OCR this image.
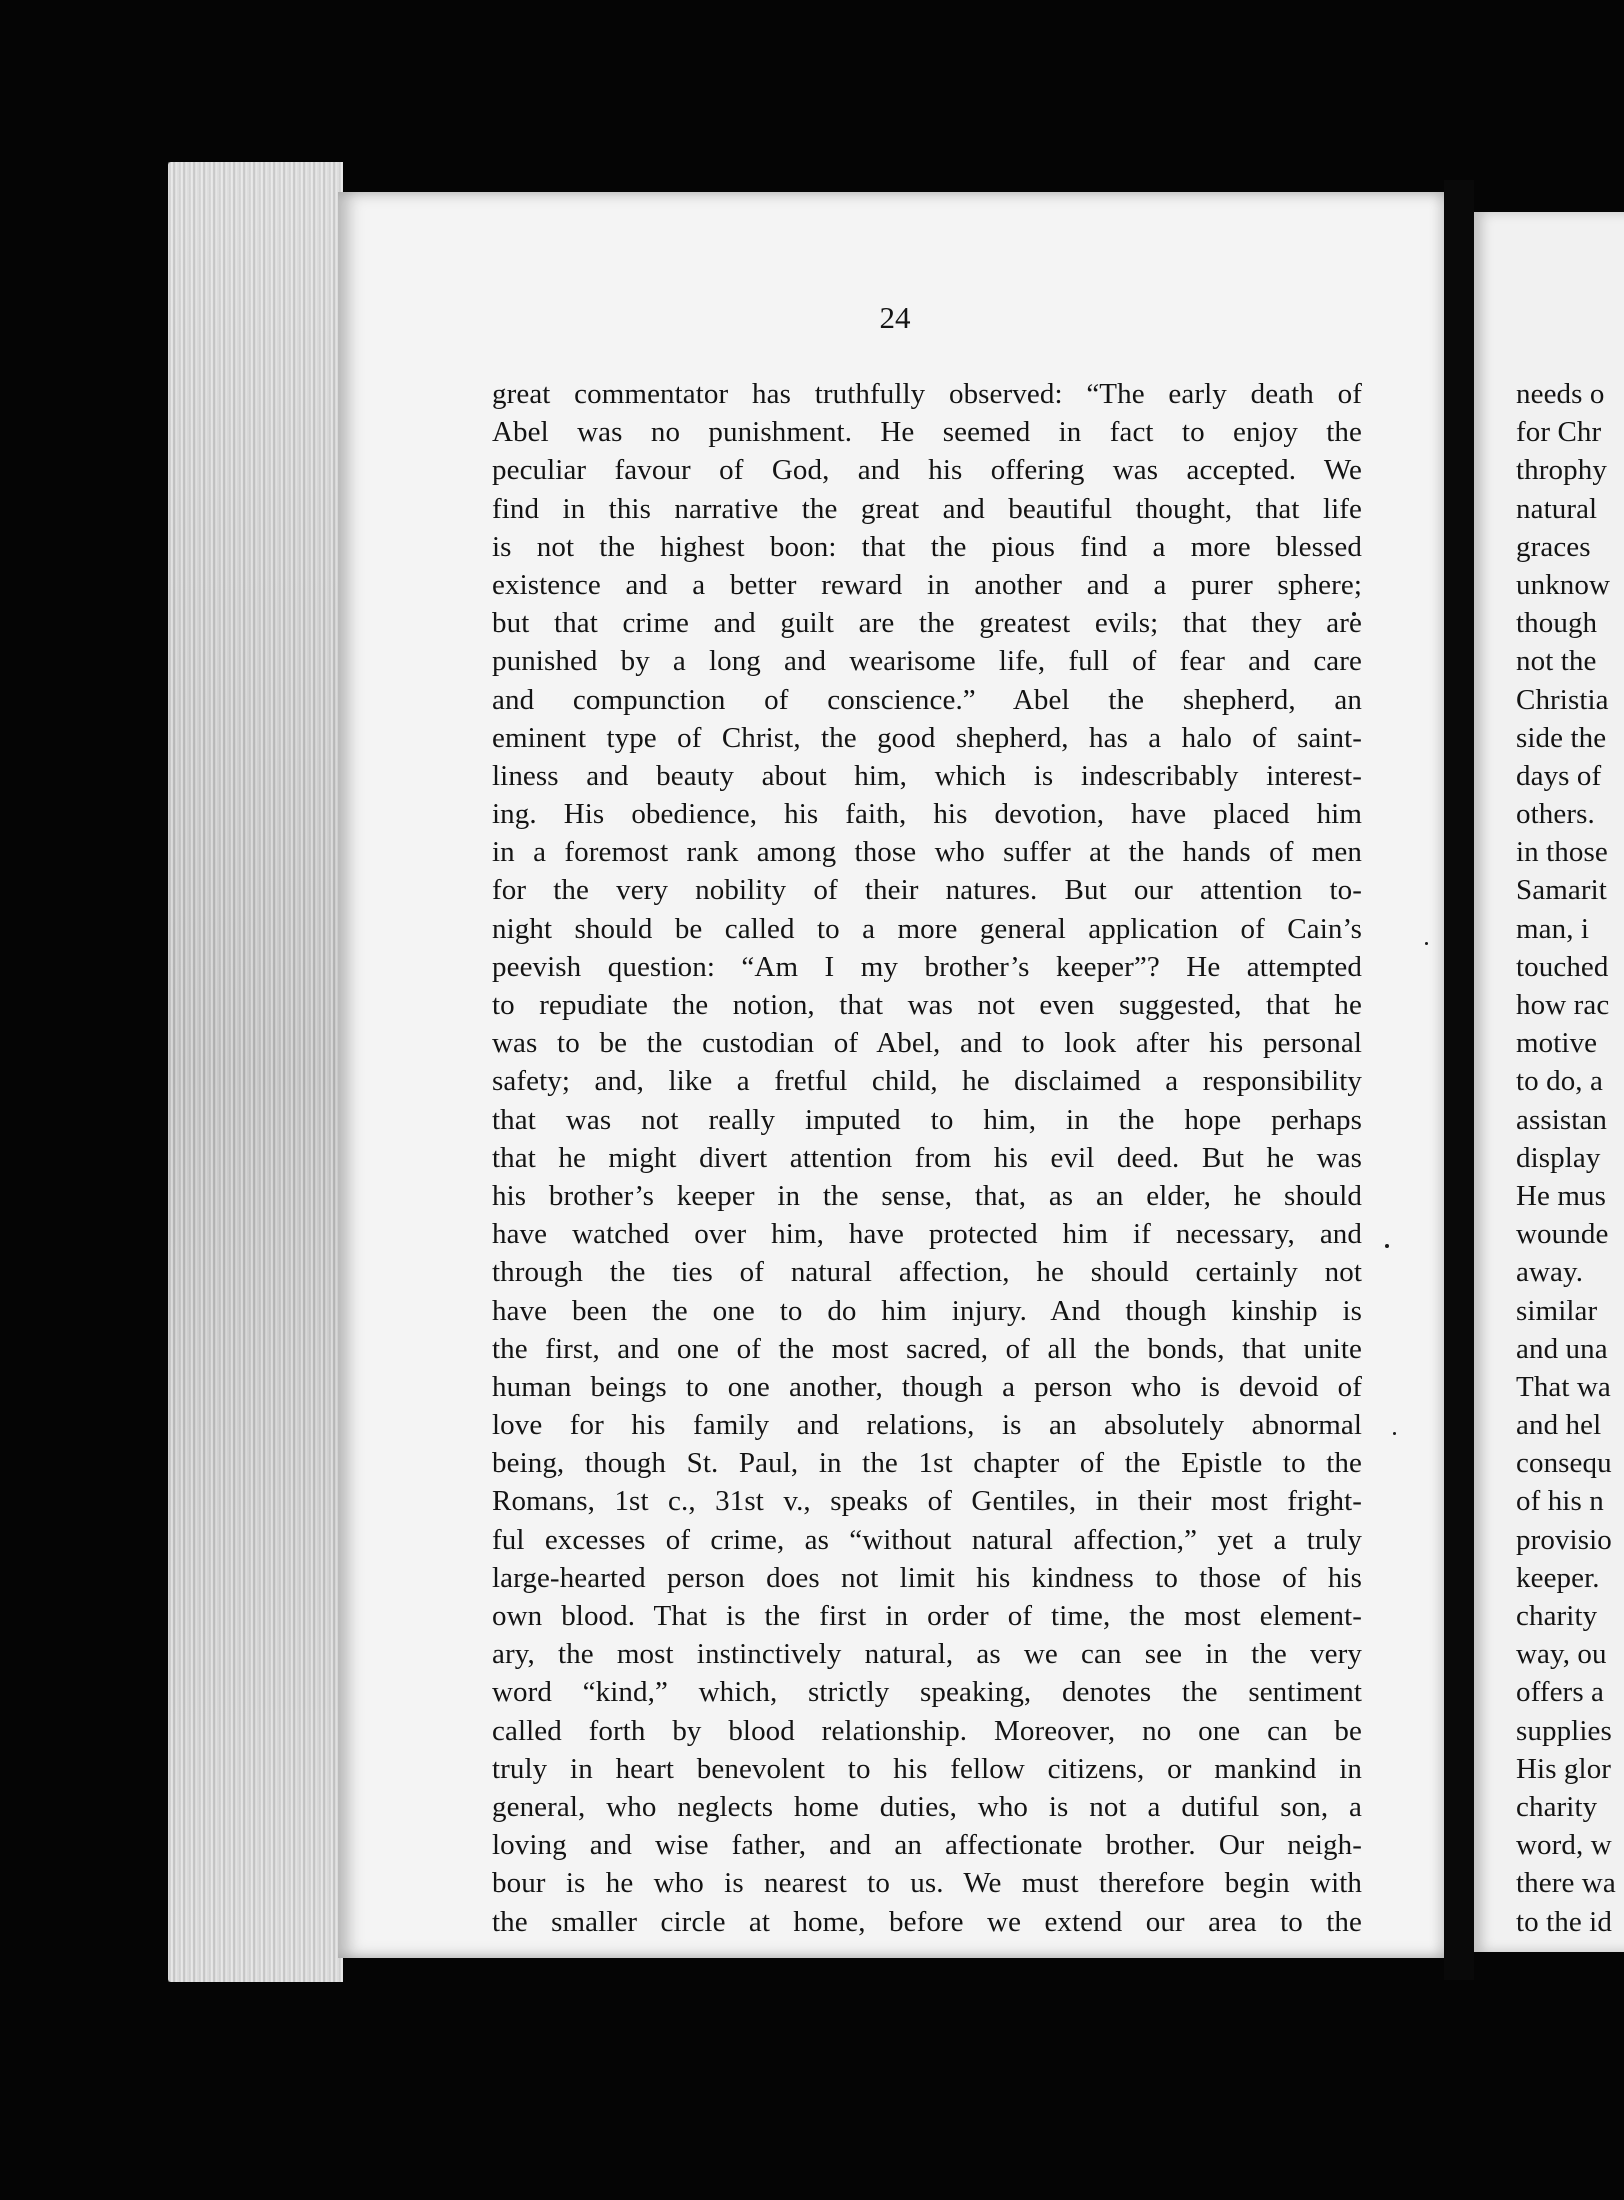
24

great commentator has truthfully observed: “The early death of
Abel was no punishment. He seemed in fact to enjoy the
peculiar favour of God, and his offering was accepted. We
find in this narrative the great and beautiful thought, that life
is not the highest boon: that the pious find a more blessed
existence and a better reward in another and a purer sphere;
but that crime and guilt are the greatest evils; that they are
punished by a long and wearisome life, full of fear and care
and compunction of conscience.” Abel the shepherd, an
eminent type of Christ, the good shepherd, has a halo of saint-
liness and beauty about him, which is indescribably interest-
ing. His obedience, his faith, his devotion, have placed him
in a foremost rank among those who suffer at the hands of men
for the very nobility of their natures. But our attention to-
night should be called to a more general application of Cain’s
peevish question: “Am I my brother’s keeper”? He attempted
to repudiate the notion, that was not even suggested, that he
was to be the custodian of Abel, and to look after his personal
safety; and, like a fretful child, he disclaimed a responsibility
that was not really imputed to him, in the hope perhaps
that he might divert attention from his evil deed. But he was
his brother’s keeper in the sense, that, as an elder, he should
have watched over him, have protected him if necessary, and
through the ties of natural affection, he should certainly not
have been the one to do him injury. And though kinship is
the first, and one of the most sacred, of all the bonds, that unite
human beings to one another, though a person who is devoid of
love for his family and relations, is an absolutely abnormal
being, though St. Paul, in the 1st chapter of the Epistle to the
Romans, 1st c., 31st v., speaks of Gentiles, in their most fright-
ful excesses of crime, as “without natural affection,” yet a truly
large-hearted person does not limit his kindness to those of his
own blood. That is the first in order of time, the most element-
ary, the most instinctively natural, as we can see in the very
word “kind,” which, strictly speaking, denotes the sentiment
called forth by blood relationship. Moreover, no one can be
truly in heart benevolent to his fellow citizens, or mankind in
general, who neglects home duties, who is not a dutiful son, a
loving and wise father, and an affectionate brother. Our neigh-
bour is he who is nearest to us. We must therefore begin with
the smaller circle at home, before we extend our area to the
needs o
for Chr
throphy
natural
graces
unknow
though
not the
Christia
side the
days of
others.
in those
Samarit
man, i
touched
how rac
motive
to do, a
assistan
display
He mus
wounde
away.
similar
and una
That wa
and hel
consequ
of his n
provisio
keeper.
charity
way, ou
offers a
supplies
His glor
charity
word, w
there wa
to the id
